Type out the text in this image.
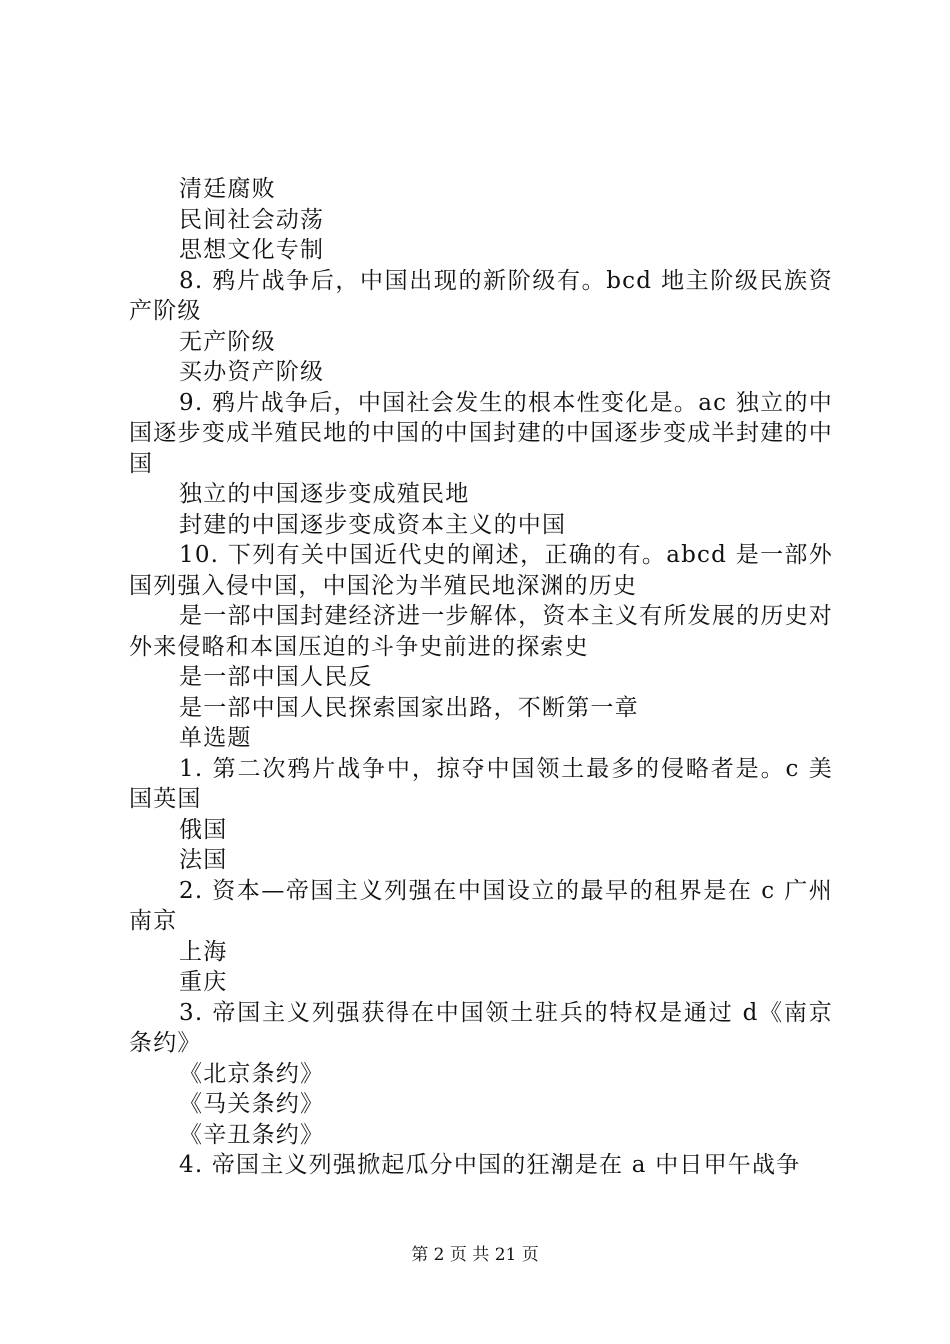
清廷腐败

民间社会动荡

思想文化专制

8. 鸦片战争后，中国出现的新阶级有。bcd 地主阶级民族资产阶级

无产阶级

买办资产阶级

9. 鸦片战争后，中国社会发生的根本性变化是。ac 独立的中国逐步变成半殖民地的中国的中国封建的中国逐步变成半封建的中国

独立的中国逐步变成殖民地

封建的中国逐步变成资本主义的中国

10. 下列有关中国近代史的阐述，正确的有。abcd 是一部外国列强入侵中国，中国沦为半殖民地深渊的历史

是一部中国封建经济进一步解体，资本主义有所发展的历史对外来侵略和本国压迫的斗争史前进的探索史

是一部中国人民反

是一部中国人民探索国家出路，不断第一章

单选题

1. 第二次鸦片战争中，掠夺中国领土最多的侵略者是。c 美国英国

俄国

法国

2. 资本—帝国主义列强在中国设立的最早的租界是在 c 广州南京

上海

重庆

3. 帝国主义列强获得在中国领土驻兵的特权是通过 d《南京条约》

《北京条约》

《马关条约》

《辛丑条约》

4. 帝国主义列强掀起瓜分中国的狂潮是在 a 中日甲午战争

第 2 页 共 21 页
